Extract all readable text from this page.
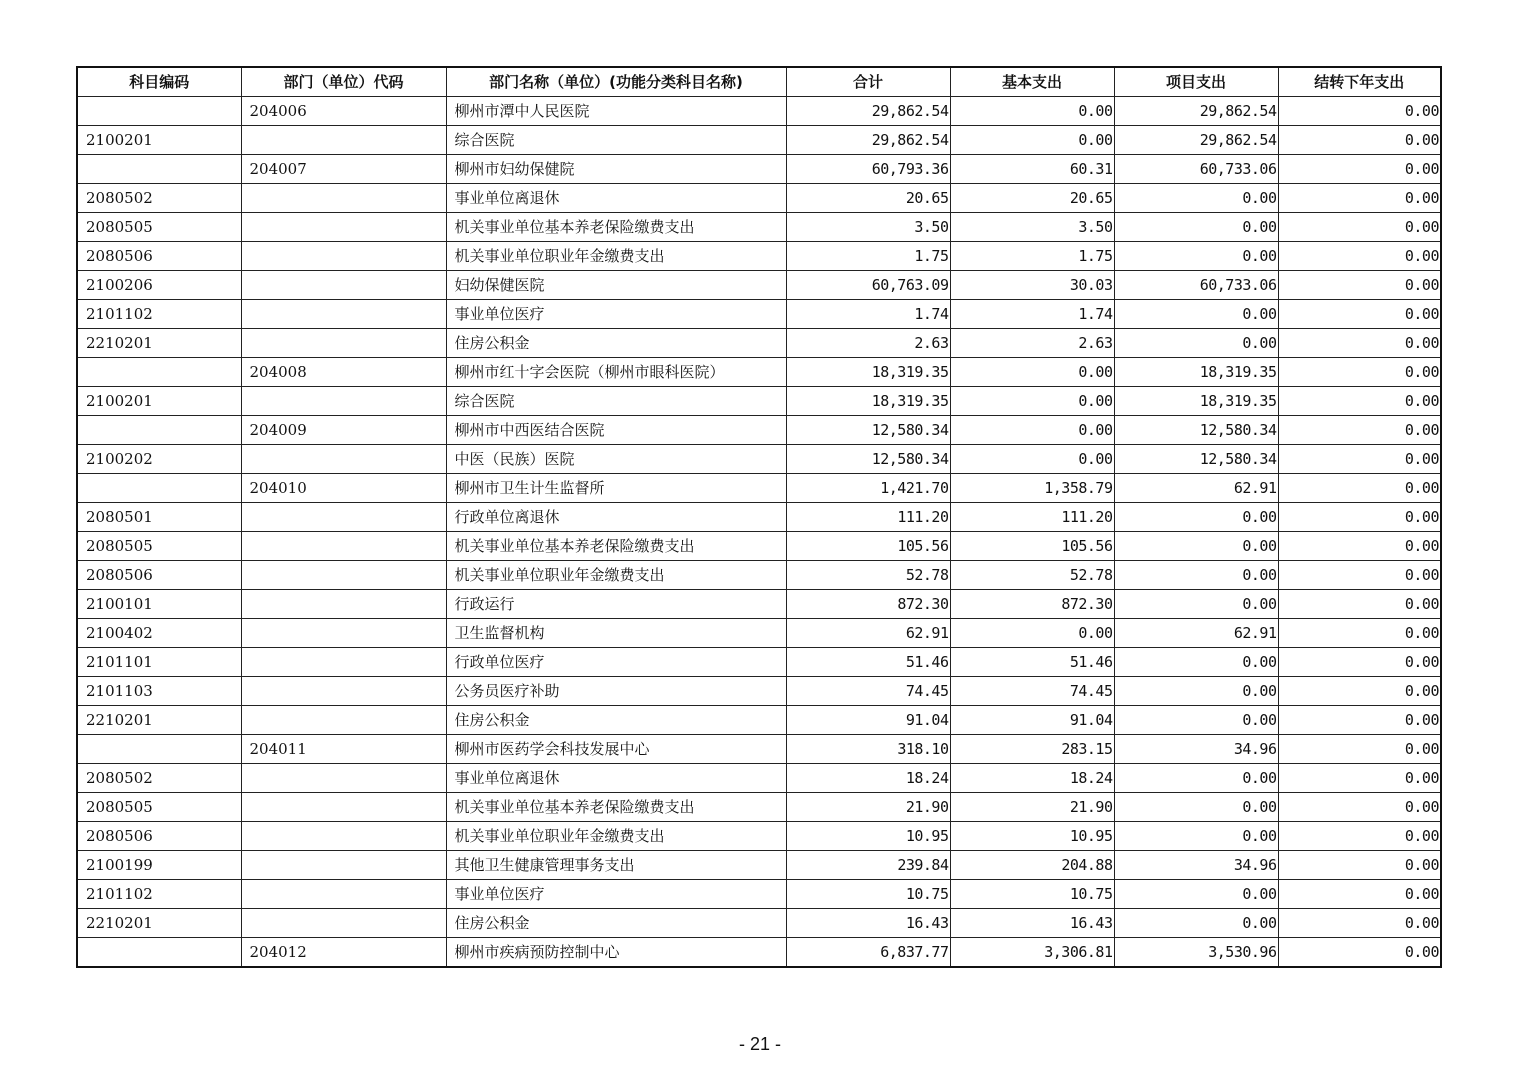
科目编码	部门（单位）代码	部门名称（单位）(功能分类科目名称)	合计	基本支出	项目支出	结转下年支出
	204006	柳州市潭中人民医院	29,862.54	0.00	29,862.54	0.00
2100201		综合医院	29,862.54	0.00	29,862.54	0.00
	204007	柳州市妇幼保健院	60,793.36	60.31	60,733.06	0.00
2080502		事业单位离退休	20.65	20.65	0.00	0.00
2080505		机关事业单位基本养老保险缴费支出	3.50	3.50	0.00	0.00
2080506		机关事业单位职业年金缴费支出	1.75	1.75	0.00	0.00
2100206		妇幼保健医院	60,763.09	30.03	60,733.06	0.00
2101102		事业单位医疗	1.74	1.74	0.00	0.00
2210201		住房公积金	2.63	2.63	0.00	0.00
	204008	柳州市红十字会医院（柳州市眼科医院）	18,319.35	0.00	18,319.35	0.00
2100201		综合医院	18,319.35	0.00	18,319.35	0.00
	204009	柳州市中西医结合医院	12,580.34	0.00	12,580.34	0.00
2100202		中医（民族）医院	12,580.34	0.00	12,580.34	0.00
	204010	柳州市卫生计生监督所	1,421.70	1,358.79	62.91	0.00
2080501		行政单位离退休	111.20	111.20	0.00	0.00
2080505		机关事业单位基本养老保险缴费支出	105.56	105.56	0.00	0.00
2080506		机关事业单位职业年金缴费支出	52.78	52.78	0.00	0.00
2100101		行政运行	872.30	872.30	0.00	0.00
2100402		卫生监督机构	62.91	0.00	62.91	0.00
2101101		行政单位医疗	51.46	51.46	0.00	0.00
2101103		公务员医疗补助	74.45	74.45	0.00	0.00
2210201		住房公积金	91.04	91.04	0.00	0.00
	204011	柳州市医药学会科技发展中心	318.10	283.15	34.96	0.00
2080502		事业单位离退休	18.24	18.24	0.00	0.00
2080505		机关事业单位基本养老保险缴费支出	21.90	21.90	0.00	0.00
2080506		机关事业单位职业年金缴费支出	10.95	10.95	0.00	0.00
2100199		其他卫生健康管理事务支出	239.84	204.88	34.96	0.00
2101102		事业单位医疗	10.75	10.75	0.00	0.00
2210201		住房公积金	16.43	16.43	0.00	0.00
	204012	柳州市疾病预防控制中心	6,837.77	3,306.81	3,530.96	0.00
- 21 -
